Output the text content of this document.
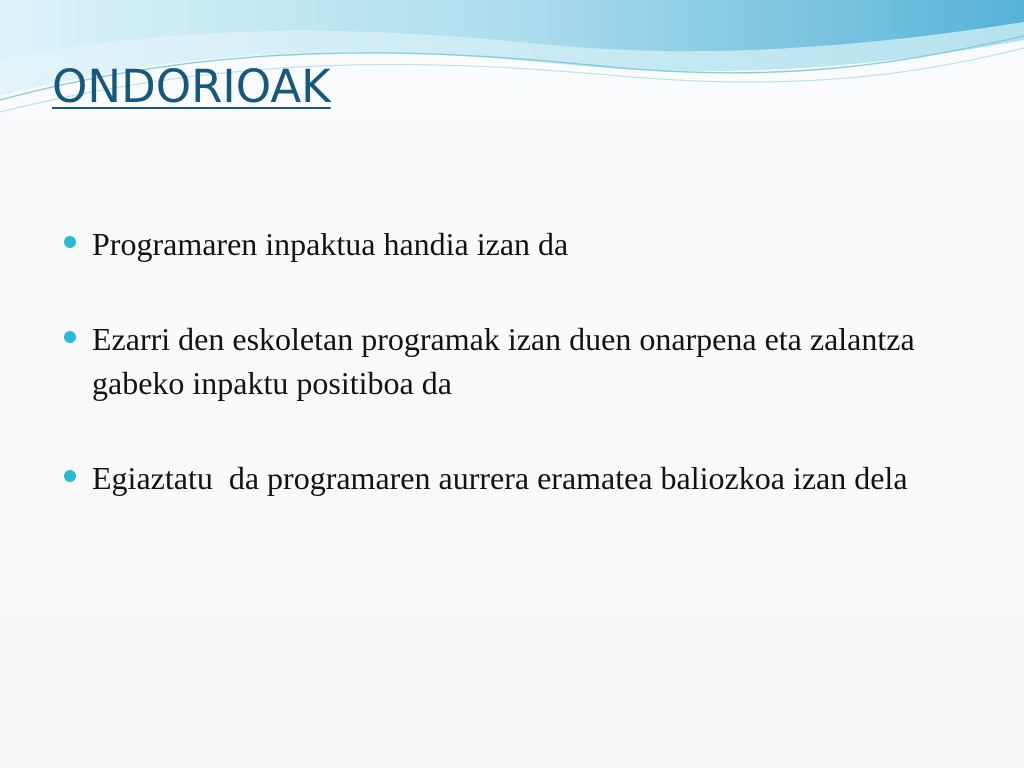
ONDORIOAK
Programaren inpaktua handia izan da
Ezarri den eskoletan programak izan duen onarpena eta zalantza gabeko inpaktu positiboa da
Egiaztatu  da programaren aurrera eramatea baliozkoa izan dela
